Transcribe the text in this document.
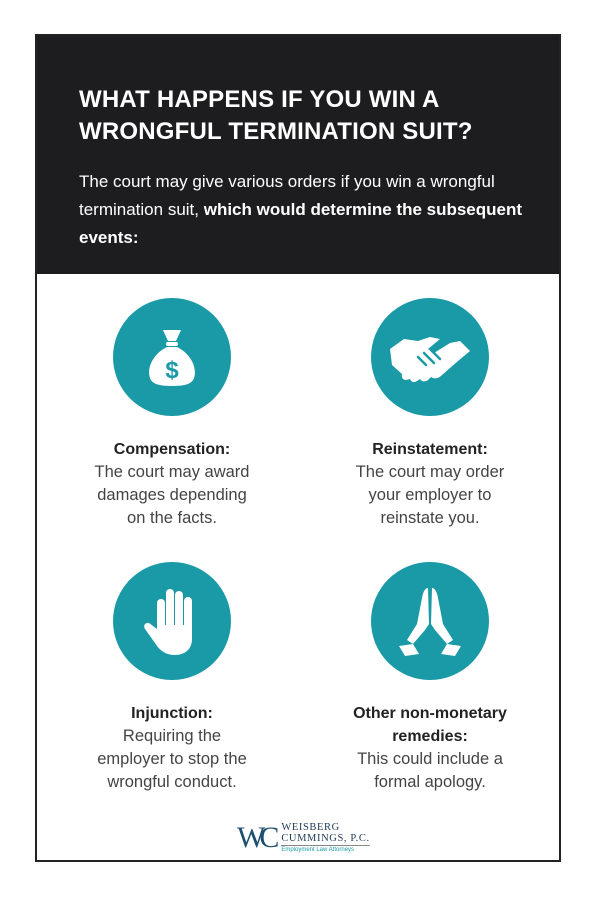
WHAT HAPPENS IF YOU WIN A
WRONGFUL TERMINATION SUIT?

The court may give various orders if you win a wrongful termination suit, which would determine the subsequent events:

$
Compensation:
The court may award
damages depending
on the facts.
Reinstatement:
The court may order
your employer to
reinstate you.
Injunction:
Requiring the
employer to stop the
wrongful conduct.
Other non-monetary
remedies:
This could include a
formal apology.
WC WEISBERG
CUMMINGS, P.C.
Employment Law Attorneys
